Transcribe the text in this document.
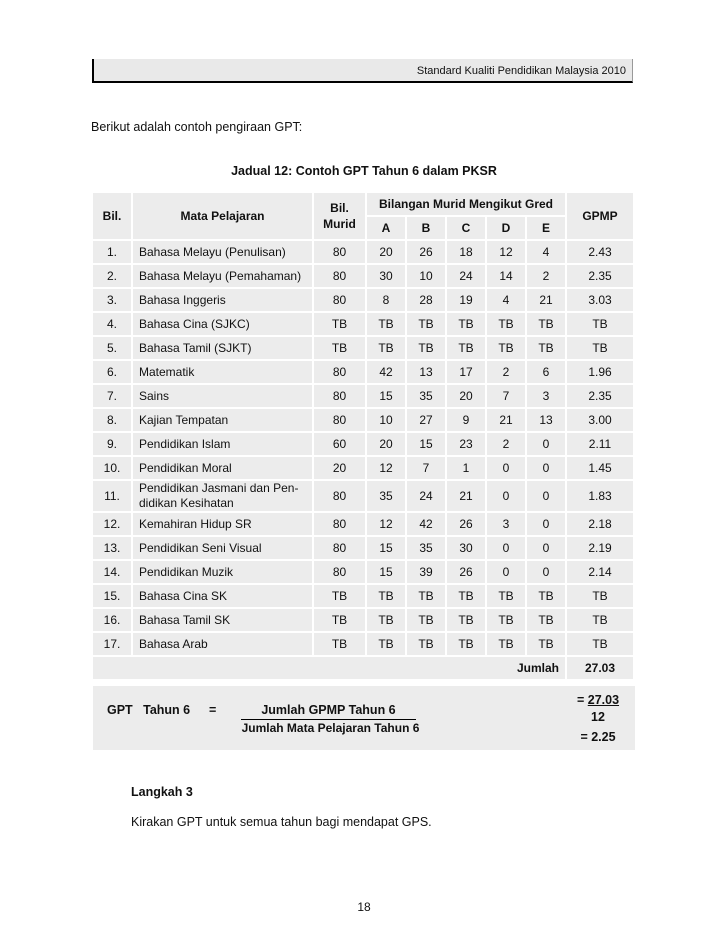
Standard Kualiti Pendidikan Malaysia 2010
Berikut adalah contoh pengiraan GPT:
Jadual 12: Contoh GPT Tahun 6 dalam PKSR
Bil.	Mata Pelajaran	Bil. Murid	Bilangan Murid Mengikut Gred					GPMP
			A	B	C	D	E	
1.	Bahasa Melayu (Penulisan)	80	20	26	18	12	4	2.43
2.	Bahasa Melayu (Pemahaman)	80	30	10	24	14	2	2.35
3.	Bahasa Inggeris	80	8	28	19	4	21	3.03
4.	Bahasa Cina (SJKC)	TB	TB	TB	TB	TB	TB	TB
5.	Bahasa Tamil (SJKT)	TB	TB	TB	TB	TB	TB	TB
6.	Matematik	80	42	13	17	2	6	1.96
7.	Sains	80	15	35	20	7	3	2.35
8.	Kajian Tempatan	80	10	27	9	21	13	3.00
9.	Pendidikan Islam	60	20	15	23	2	0	2.11
10.	Pendidikan Moral	20	12	7	1	0	0	1.45
11.	Pendidikan Jasmani dan Pen-didikan Kesihatan	80	35	24	21	0	0	1.83
12.	Kemahiran Hidup SR	80	12	42	26	3	0	2.18
13.	Pendidikan Seni Visual	80	15	35	30	0	0	2.19
14.	Pendidikan Muzik	80	15	39	26	0	0	2.14
15.	Bahasa Cina SK	TB	TB	TB	TB	TB	TB	TB
16.	Bahasa Tamil SK	TB	TB	TB	TB	TB	TB	TB
17.	Bahasa Arab	TB	TB	TB	TB	TB	TB	TB
Jumlah								27.03
GPT   Tahun 6 =	Jumlah GPMP Tahun 6
Jumlah Mata Pelajaran Tahun 6
= 27.03
12
= 2.25
Langkah 3
Kirakan GPT untuk semua tahun bagi mendapat GPS.
18
